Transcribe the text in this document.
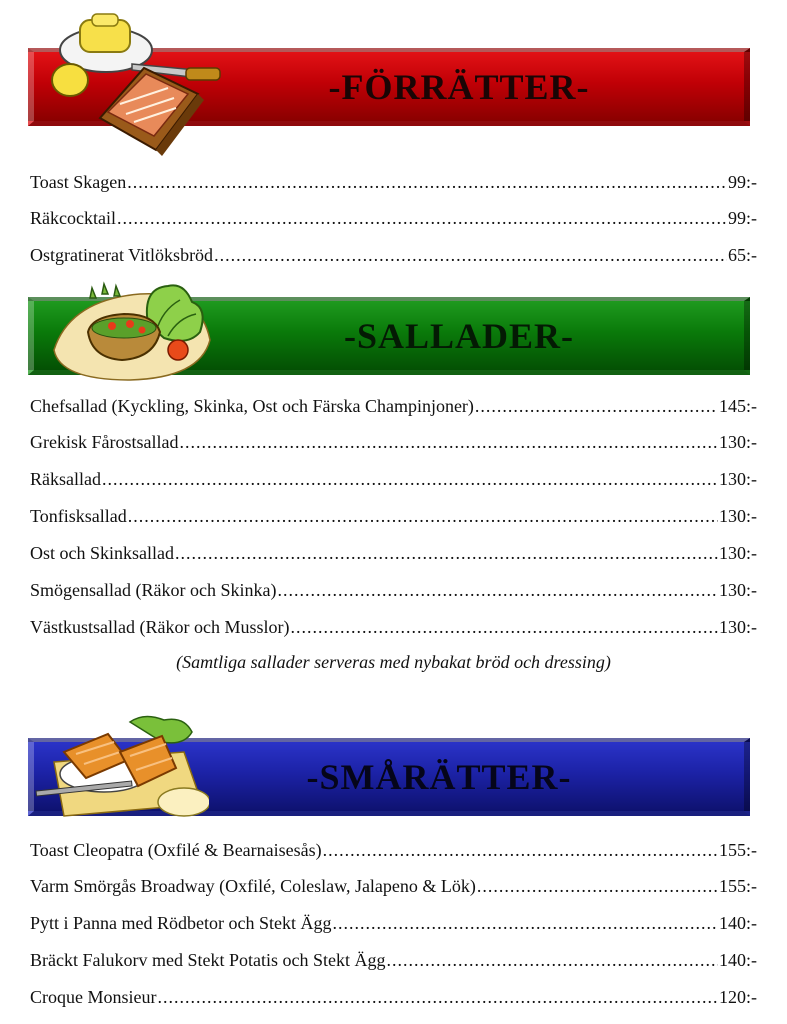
-FÖRRÄTTER-
Toast Skagen .....	99:-
Räkcocktail .....	99:-
Ostgratinerat Vitlöksbröd .....	65:-
-SALLADER-
Chefsallad (Kyckling, Skinka, Ost och Färska Champinjoner) .....	145:-
Grekisk Fårostsallad .....	130:-
Räksallad .....	130:-
Tonfisksallad .....	130:-
Ost och Skinksallad .....	130:-
Smögensallad (Räkor och Skinka) .....	130:-
Västkustsallad (Räkor och Musslor) .....	130:-
(Samtliga sallader serveras med nybakat bröd och dressing)
-SMÅRÄTTER-
Toast Cleopatra (Oxfilé & Bearnaisesås) .....	155:-
Varm Smörgås Broadway (Oxfilé, Coleslaw, Jalapeno & Lök) .....	155:-
Pytt i Panna med Rödbetor och Stekt Ägg .....	140:-
Bräckt Falukorv med Stekt Potatis och Stekt Ägg .....	140:-
Croque Monsieur .....	120:-
